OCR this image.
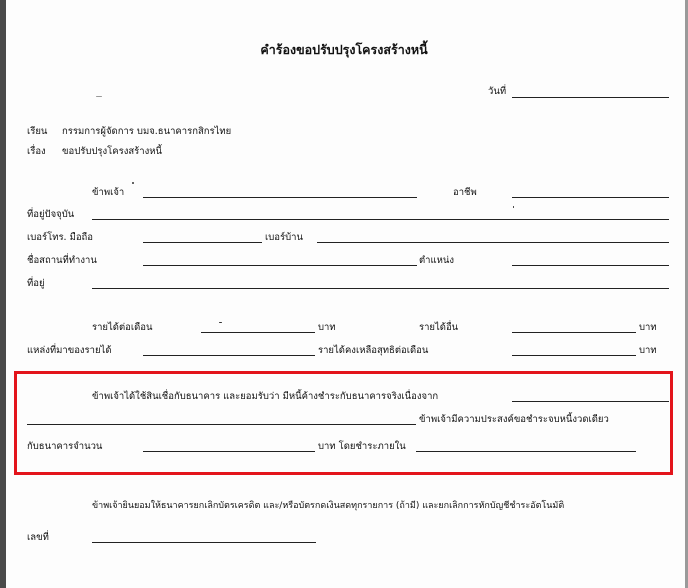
คำร้องขอปรับปรุงโครงสร้างหนี้
วันที่
เรียน กรรมการผู้จัดการ บมจ.ธนาคารกสิกรไทย
เรื่อง ขอปรับปรุงโครงสร้างหนี้
ข้าพเจ้า	อาชีพ
ที่อยู่ปัจจุบัน
เบอร์โทร. มือถือ	เบอร์บ้าน
ชื่อสถานที่ทำงาน	ตำแหน่ง
ที่อยู่
รายได้ต่อเดือน	บาท	รายได้อื่น	บาท
แหล่งที่มาของรายได้	รายได้คงเหลือสุทธิต่อเดือน	บาท
ข้าพเจ้าได้ใช้สินเชื่อกับธนาคาร และยอมรับว่า มีหนี้ค้างชำระกับธนาคารจริงเนื่องจาก
ข้าพเจ้ามีความประสงค์ขอชำระจบหนี้งวดเดียว
กับธนาคารจำนวน	บาท โดยชำระภายใน
ข้าพเจ้ายินยอมให้ธนาคารยกเลิกบัตรเครดิต และ/หรือบัตรกดเงินสดทุกรายการ (ถ้ามี) และยกเลิกการหักบัญชีชำระอัตโนมัติ
เลขที่
